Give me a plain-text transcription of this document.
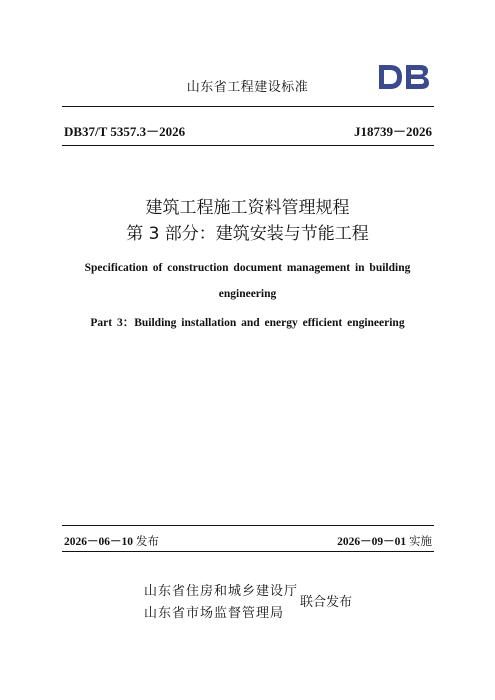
山东省工程建设标准	DB
DB37/T 5357.3－2026	J18739－2026
建筑工程施工资料管理规程
第 3 部分：建筑安装与节能工程
Specification of construction document management in building
engineering
Part 3：Building installation and energy efficient engineering
2026－06－10 发布	2026－09－01 实施
山东省住房和城乡建设厅
山东省市场监督管理局
联合发布
